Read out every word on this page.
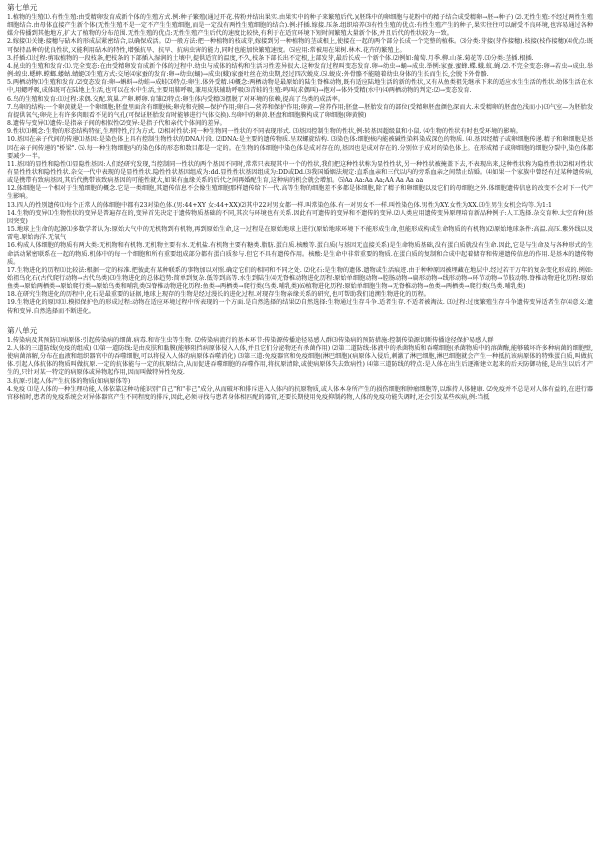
第七单元

1.植物的生殖⑴.有性生殖:由受精卵发育成新个体的生殖方式.例:种子繁殖(通过开花.传粉并结出果实.由果实中的种子来繁殖后代.)(胚珠中的卵细胞与花粉中的精子结合成受精卵→胚→种子) ⑵.无性生殖:不经过两性生殖细胞结合.由母体直接产生新个体(无性生殖不是一定不产生生殖细胞,而是一定没有两性生殖细胞的结合).例:扦插.嫁接.压条.组织培养⑶有性生殖的优点:有性生殖产生的种子,果实往往可以耐受不良环境,也容易通过各种媒介传播到其他地方,扩大了植物的分布范围.无性生殖的优点:无性生殖产生后代的速度比较快,有利于在适宜环境下短时间繁殖大量新个体,并且后代的性状较为一致。

2.嫁接⑴关键:接穗与砧木的形成层紧密结合,以确保成活。⑵一般方法:把一种植物的枝或芽,嫁接到另一种植物的茎或根上,使接在一起的两个部分长成一个完整的植株。⑶分类:芽接(芽作接穗).枝接(枝作接穗)⑷优点:既可保持品种的优良性状,又能利用砧木的特性,增强抗旱、抗旱、抗病虫害的能力,同时也能加快繁殖速度。⑸应用:常被用在果树.林木.花卉的繁殖上。

3.扦插:⑴过程:剪取植物的一段枝条,把枝条的下部插入湿润的土壤中,提供适宜的温度,不久,枝条下部长出不定根,上部发芽,最后长成一个新个体.⑵例如:葡萄.月季.柳.山茶.菊花等.⑶分类:茎插.根插.

4.昆虫的生殖和发育:⑴.完全变态:在由受精卵发育成新个体的过程中.幼虫与成体的结构和生活习性差异很大.这种发育过程叫变态发育.卵→幼虫→蛹→成虫.举例:家蚕.蜜蜂.蝶.蛾.蚊.蝇.⑵.不完全变态:卵→若虫→成虫.举例:蝗虫.蟋蟀.螳螂.蝼蛄.蜻蜓⑶生殖方式:交尾⑷家蚕的发育:卵→幼虫(蛹)→成虫(蛾)家蚕吐丝在幼虫期,经过四次蜕皮.⑸.蜕皮:外骨骼不能随着幼虫身体的生长而生长,会脱下外骨骼.

5.两栖动物⑴生殖和发育.⑵变态发育:卵→蝌蚪→幼蛙→成蛙⑶特点:卵生.体外受精.⑷概念:两栖动物是最原始的陆生脊椎动物,既有适应陆地生活的新的性状,又有从鱼类祖先继承下来的适应水生生活的性状.幼体生活在水中,用鳃呼吸,成体既可在陆地上生活,也可以在水中生活,主要用肺呼吸,兼用皮肤辅助呼吸⑶青蛙的生殖:鸣叫(求偶叫)→抱对→体外受精(水中)⑷两栖动物的判定:⑵→变态发育.

6.鸟的生殖和发育:⑴过程:求偶.交配.筑巢.产卵.孵卵.育雏⑵特点:卵生体内受精⑶摆脱了对环境的依赖,提高了鸟类的成活率。

7.鸟卵的结构:一个卵黄就是一个卵细胞;胚盘里面含有细胞核;卵壳和壳膜—保护作用;卵白—营养和保护作用;卵黄—营养作用;胚盘—胚胎发育的部位(受精卵胚盘颜色深而大.未受精卵的胚盘色浅而小)⑶气室—为胚胎发育提供氧气;卵壳上有许多肉眼看不见的气孔(可保证胚胎发育时能够进行气体交换).鸟卵中的卵黄.胚盘和细胞膜构成了卵细胞(卵黄膜)

8.遗传与变异⑴遗传:是指亲子间的相似性⑵变异:是指子代和亲代个体间的差异。

9.性状⑴概念:生物的形态结构特征,生理特性,行为方式. ⑵相对性状:同一种生物同一性状的不同表现形式. ⑶基因控制生物的性状,例:转基因超级鼠和小鼠. ⑷生物的性状有时也受环境的影响。

10.基因在亲子代间的传递⑴基因:是染色体上具有控制生物性状的DNA片段. ⑵DNA:是主要的遗传物质.呈双螺旋结构. ⑶染色体:细胞核内能被碱性染料染成深色的物质. ⑷.基因经精子或卵细胞传递.精子和卵细胞是基因在亲子间传递的"桥梁". ⑸.每一种生物细胞内的染色体的形态和数目都是一定的。在生物的体细胞中染色体是成对存在的,基因也是成对存在的.分别位于成对的染色体上。在形成精子或卵细胞的细胞分裂中,染色体都要减少一半。

11.基因的显性和隐性⑴显隐性基因:人们经研究发现,当控制同一性状的两个基因不同时,常常只表现其中一个的性状,我们把这种性状称为显性性状,另一种性状被掩盖下去,不表现出来,这种性状称为隐性性状⑵相对性状有显性性状和隐性性状.杂交一代中表现的是显性性状.隐性性状基因组成为:dd.显性性状基因组成为:DD或Dd.⑶我国婚姻法规定:直系血亲和三代以内的旁系血亲之间禁止结婚。⑷如果一个家族中曾经有过某种遗传病,或是携带有致病基因,其后代携带该致病基因的可能性就大,如果有血缘关系的后代之间再婚配生育,这种病的机会就会增加。⑸Aa Aa:Aa Aa;AA Aa Aa aa

12.体细胞是一个相对于生殖细胞的概念.它是一类细胞,其遗传信息不会像生殖细胞那样遗传给下一代.高等生物的细胞差不多都是体细胞,除了精子和卵细胞以及它们的母细胞之外.体细胞遗传信息的改变不会对下一代产生影响。

13.四人的性别遗传⑴每个正常人的体细胞中都有23对染色体.(男:44+XY 女:44+XX)⑵其中22对男女都一样.叫常染色体.有一对男女不一样.叫性染色体.男性为XY.女性为XX.⑶生男生女机会均等.为1:1

14.生物的变异⑴生物性状的变异是普遍存在的,变异首先决定于遗传物质基础的不同,其次与环境也有关系.因此有可遗传的变异和不遗传的变异.⑵人类应用遗传变异原理培育新品种例子:人工选择.杂交育种.太空育种(基因突变)

15.地球上生命的起源⑴多数学者认为:原始大气中的无机物到有机物,再到原始生命,这一过程是在原始地球上进行(原始地球环境下不能形成生命,但能形成构成生命物质的有机物)⑵原始地球条件:高温.高压.紫外线以及雷电.原始海洋.无氧气

16.构成人体细胞的物质有两大类:无机物和有机物.无机物主要有水.无机盐.有机物主要有糖类.脂肪.蛋白质.核酸等.蛋白质(与基因无直接关系)是生命物质基础,没有蛋白质就没有生命.因此,它是与生命及与各种形式的生命活动紧密联系在一起的物质.机体中的每一个细胞和所有重要组成部分都有蛋白质参与.但它不具有遗传作用。核酸:是生命中非常重要的物质.在蛋白质的复制和合成中起着储存和传递遗传信息的作用.是基本的遗传物质。

17.生物进化的历程⑴比较法:根据一定的标准.把彼此有某种联系的事物加以对照.确定它们的相同和不同之处. ⑵化石:是生物的遗体.遗物或生活痕迹.由于种种原因被埋藏在地层中.经过若干万年的复杂变化形成的.例如:始祖鸟化石(古代爬行动物→古代鸟类)⑶生物进化的总体趋势:简单到复杂.低等到高等.水生到陆生⑷无脊椎动物进化历程:原始单细胞动物→腔肠动物→扁形动物→线形动物→环节动物→节肢动物.脊椎动物进化历程:原始鱼类→原始两栖类→原始爬行类→原始鸟类和哺乳类⑸脊椎动物进化历程:鱼类→两栖类→爬行类(鸟类.哺乳类)⑹植物进化历程:原始单细胞生物→无脊椎动物→鱼类→两栖类→爬行类(鸟类.哺乳类)

18.在研究生物进化的历程中,化石是最重要的证据,地球上现存的生物是经过漫长的进化过程.对现存生物亲缘关系的研究,也可帮助我们追溯生物进化的历程。

19.生物进化的原因⑴.模拟保护色的形成过程:动物在适应环境过程中所表现的一个方面.是自然选择的结果⑵自然选择:生物通过生存斗争.适者生存.不适者被淘汰. ⑶过程:过度繁殖生存斗争遗传变异适者生存⑷意义:遗传和变异.自然选择而不断进化。

第八单元

1.传染病及其预防⑴病原体:引起传染病的细菌.病毒.和寄生虫等生物. ⑵传染病流行的基本环节:传染源传播途径易感人群⑶传染病的预防措施:控制传染源切断传播途径保护易感人群

2.人体的三道防线(免疫的组成) ⑴第一道防线:是由皮肤和黏膜(能够阻挡病原体侵入人体,并且它们分泌物还有杀菌作用) ⑵第二道防线:体液中的杀菌物质和吞噬细胞(杀菌物质中的溶菌酶,能够破坏许多种病菌的细胞壁,使病菌溶解,分布在血液和组织器官中的吞噬细胞,可以将侵入人体的病原体吞噬消化) ⑶第三道:免疫器官和免疫细胞(淋巴细胞)(病原体入侵后,刺激了淋巴细胞,淋巴细胞就会产生一种抵抗该病原体的特殊蛋白质,叫做抗体.引起人体抗体的物质叫做抗原.一定的抗体能与一定的抗原结合,从而促进吞噬细胞的吞噬作用,将抗原清除,或使病原体失去致病性) ⑷第三道防线的特点:是人体在出生后逐渐建立起来的后天防御功能,是出生以后才产生的,只针对某一特定的病原体或异物起作用,因而叫做特异性免疫.

3.抗原:引起人体产生抗体的物质(如病原体等)

4.免疫 ⑴是人体的一种生理功能,人体依靠这种功能识别"自己"和"非己"成分,从而破坏和排斥进入人体内的抗原物质,或人体本身所产生的损伤细胞和肿瘤细胞等,以维持人体健康. ⑵免疫并不总是对人体有益的,在进行器官移植时,患者的免疫系统会对异体器官产生不同程度的排斥,因此,必须寻找与患者身体相匹配的器官,还要长期使用免疫抑制药物,人体的免疫功能失调时,还会引发某些疾病,例:当抵
